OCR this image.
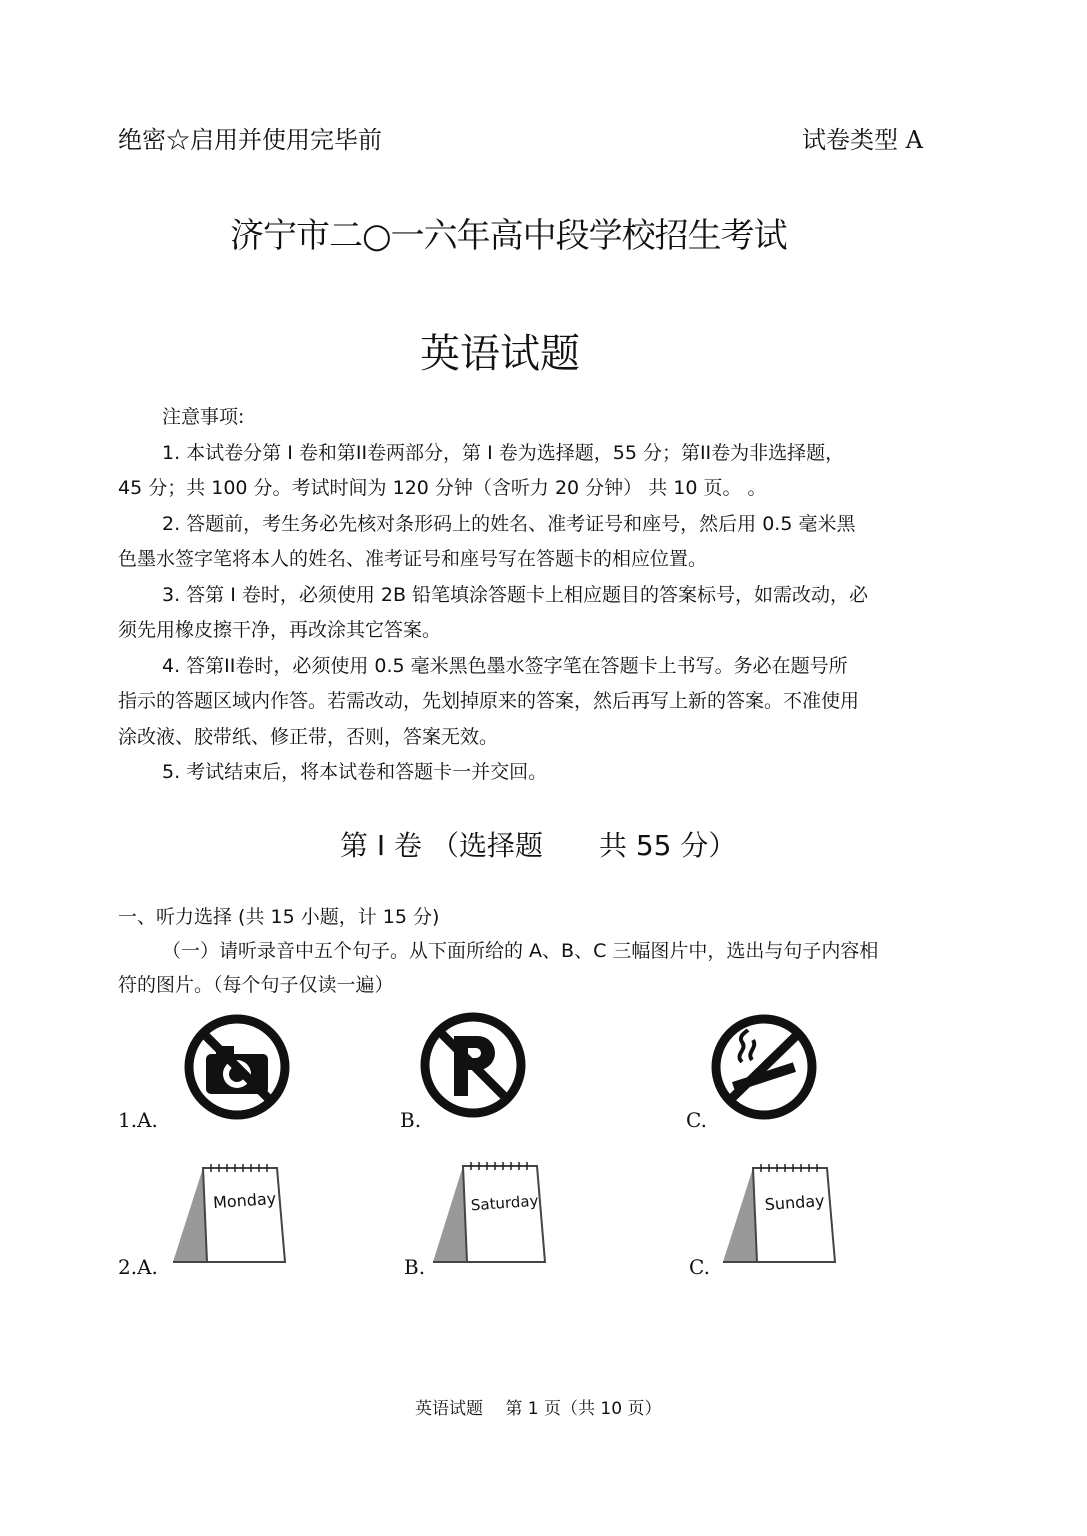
绝密☆启用并使用完毕前	试卷类型 A
济宁市二○一六年高中段学校招生考试
英语试题

注意事项:

1. 本试卷分第 I 卷和第II卷两部分，第 I 卷为选择题，55 分；第II卷为非选择题，

45 分；共 100 分。考试时间为 120 分钟（含听力 20 分钟） 共 10 页。 。

2. 答题前，考生务必先核对条形码上的姓名、准考证号和座号，然后用 0.5 毫米黑

色墨水签字笔将本人的姓名、准考证号和座号写在答题卡的相应位置。

3. 答第 I 卷时，必须使用 2B 铅笔填涂答题卡上相应题目的答案标号，如需改动，必

须先用橡皮擦干净，再改涂其它答案。

4. 答第II卷时，必须使用 0.5 毫米黑色墨水签字笔在答题卡上书写。务必在题号所

指示的答题区域内作答。若需改动，先划掉原来的答案，然后再写上新的答案。不准使用

涂改液、胶带纸、修正带，否则，答案无效。

5. 考试结束后，将本试卷和答题卡一并交回。

第 I 卷 （选择题　　共 55 分）

一、听力选择 (共 15 小题，计 15 分)

（一）请听录音中五个句子。从下面所给的 A、B、C 三幅图片中，选出与句子内容相

符的图片。（每个句子仅读一遍）

1.A.	B.	C.
Monday
2.A.
Saturday
B.
Sunday
C.
英语试题　 第 1 页（共 10 页）
